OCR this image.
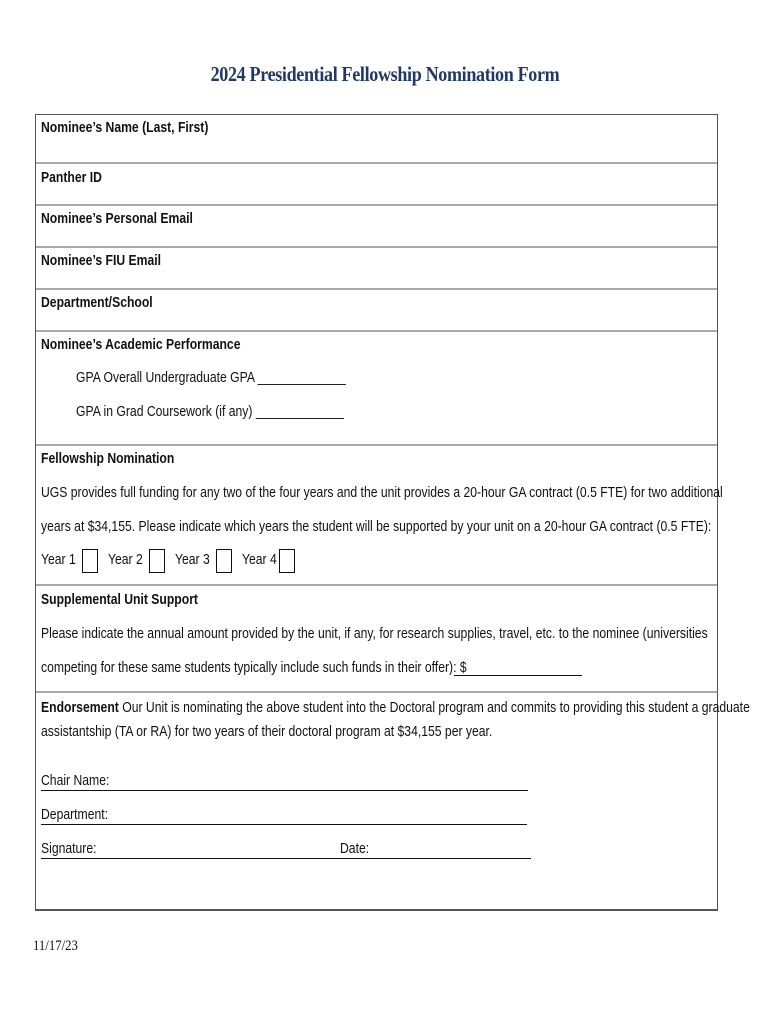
2024 Presidential Fellowship Nomination Form
Nominee’s Name (Last, First)
Panther ID
Nominee’s Personal Email
Nominee’s FIU Email
Department/School
Nominee’s Academic Performance
GPA Overall Undergraduate GPA _____________
GPA in Grad Coursework (if any) _____________
Fellowship Nomination
UGS provides full funding for any two of the four years and the unit provides a 20-hour GA contract (0.5 FTE) for two additional
years at $34,155. Please indicate which years the student will be supported by your unit on a 20-hour GA contract (0.5 FTE):
Year 1	Year 2	Year 3	Year 4
Supplemental Unit Support
Please indicate the annual amount provided by the unit, if any, for research supplies, travel, etc. to the nominee (universities
competing for these same students typically include such funds in their offer): $
Endorsement Our Unit is nominating the above student into the Doctoral program and commits to providing this student a graduate
assistantship (TA or RA) for two years of their doctoral program at $34,155 per year.
Chair Name:
Department:
Signature:	Date:
11/17/23
